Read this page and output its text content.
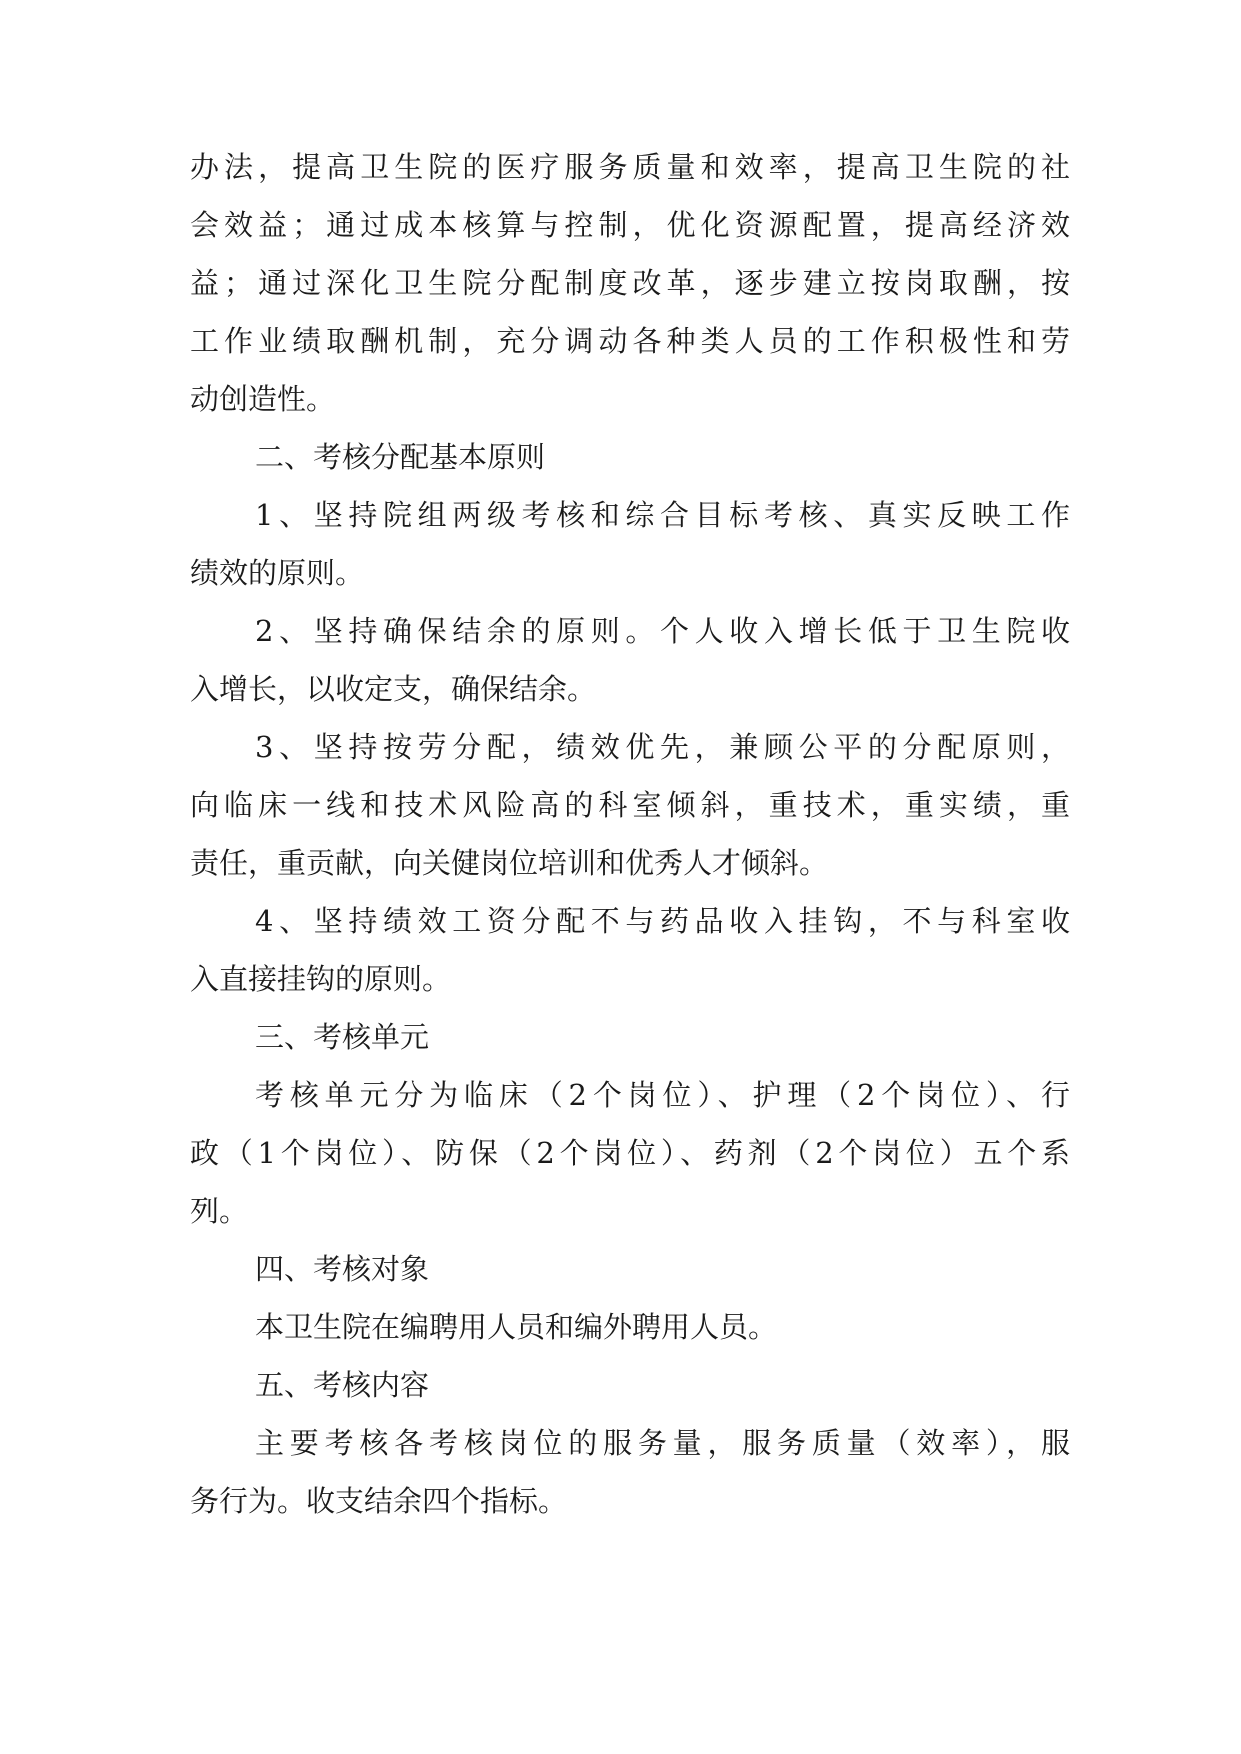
办法，提高卫生院的医疗服务质量和效率，提高卫生院的社
会效益；通过成本核算与控制，优化资源配置，提高经济效
益；通过深化卫生院分配制度改革，逐步建立按岗取酬，按
工作业绩取酬机制，充分调动各种类人员的工作积极性和劳
动创造性。
二、考核分配基本原则
1、坚持院组两级考核和综合目标考核、真实反映工作
绩效的原则。
2、坚持确保结余的原则。个人收入增长低于卫生院收
入增长，以收定支，确保结余。
3、坚持按劳分配，绩效优先，兼顾公平的分配原则，
向临床一线和技术风险高的科室倾斜，重技术，重实绩，重
责任，重贡献，向关健岗位培训和优秀人才倾斜。
4、坚持绩效工资分配不与药品收入挂钩，不与科室收
入直接挂钩的原则。
三、考核单元
考核单元分为临床（2个岗位）、护理（2个岗位）、行
政（1个岗位）、防保（2个岗位）、药剂（2个岗位）五个系
列。
四、考核对象
本卫生院在编聘用人员和编外聘用人员。
五、考核内容
主要考核各考核岗位的服务量，服务质量（效率），服
务行为。收支结余四个指标。
